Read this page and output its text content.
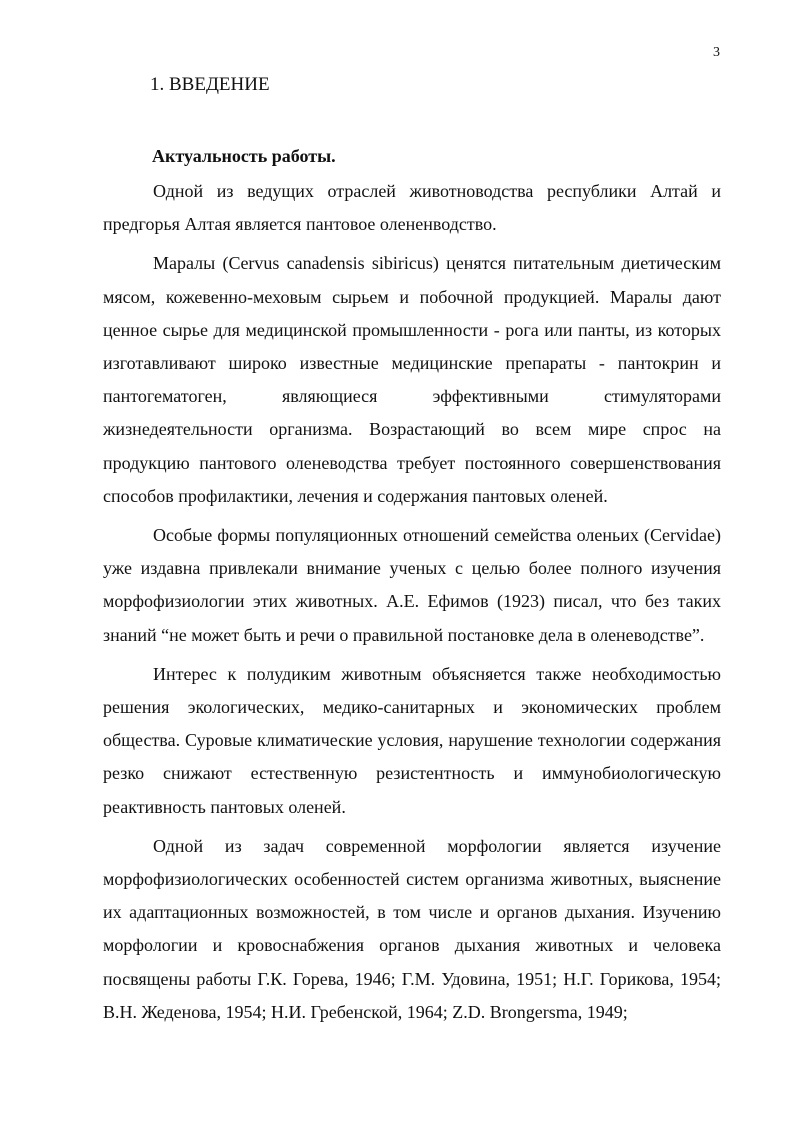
3
1. ВВЕДЕНИЕ
Актуальность работы.

Одной из ведущих отраслей животноводства республики Алтай и предгорья Алтая является пантовое олененводство.

Маралы (Cervus canadensis sibiricus) ценятся питательным диетическим мясом, кожевенно-меховым сырьем и побочной продукцией. Маралы дают ценное сырье для медицинской промышленности - рога или панты, из которых изготавливают широко известные медицинские препараты - пантокрин и пантогематоген, являющиеся эффективными стимуляторами жизнедеятельности организма. Возрастающий во всем мире спрос на продукцию пантового оленеводства требует постоянного совершенствования способов профилактики, лечения и содержания пантовых оленей.

Особые формы популяционных отношений семейства оленьих (Cervidae) уже издавна привлекали внимание ученых с целью более полного изучения морфофизиологии этих животных. А.Е. Ефимов (1923) писал, что без таких знаний “не может быть и речи о правильной постановке дела в оленеводстве”.

Интерес к полудиким животным объясняется также необходимостью решения экологических, медико-санитарных и экономических проблем общества. Суровые климатические условия, нарушение технологии содержания резко снижают естественную резистентность и иммунобиологическую реактивность пантовых оленей.

Одной из задач современной морфологии является изучение морфофизиологических особенностей систем организма животных, выяснение их адаптационных возможностей, в том числе и органов дыхания. Изучению морфологии и кровоснабжения органов дыхания животных и человека посвящены работы Г.К. Горева, 1946; Г.М. Удовина, 1951; Н.Г. Горикова, 1954; В.Н. Жеденова, 1954; Н.И. Гребенской, 1964; Z.D. Brongersma, 1949;
